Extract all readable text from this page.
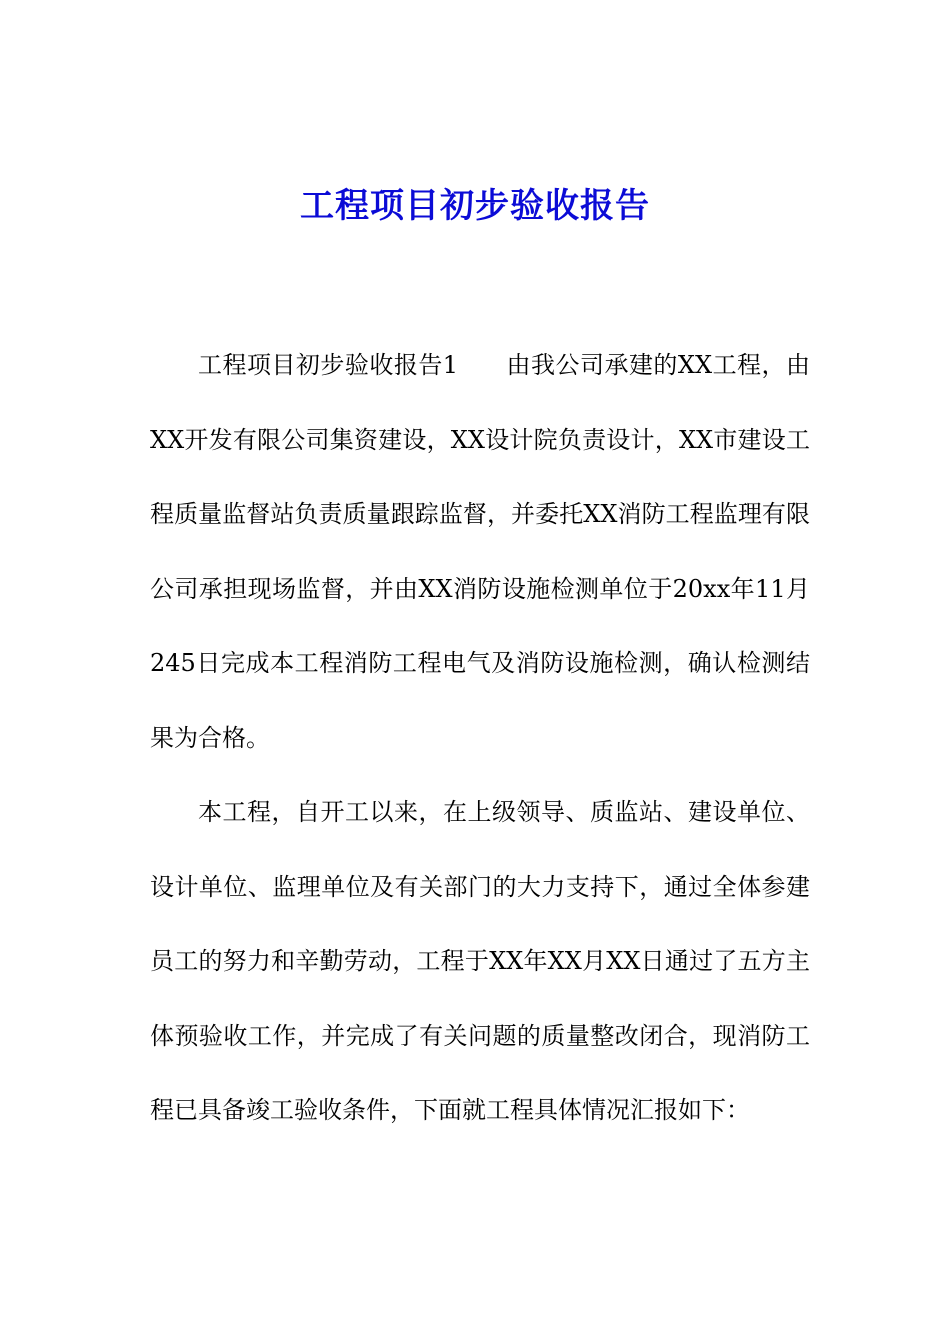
工程项目初步验收报告

工程项目初步验收报告1 由我公司承建的XX工程，由XX开发有限公司集资建设，XX设计院负责设计，XX市建设工程质量监督站负责质量跟踪监督，并委托XX消防工程监理有限公司承担现场监督，并由XX消防设施检测单位于20xx年11月245日完成本工程消防工程电气及消防设施检测，确认检测结果为合格。

本工程，自开工以来，在上级领导、质监站、建设单位、设计单位、监理单位及有关部门的大力支持下，通过全体参建员工的努力和辛勤劳动，工程于XX年XX月XX日通过了五方主体预验收工作，并完成了有关问题的质量整改闭合，现消防工程已具备竣工验收条件，下面就工程具体情况汇报如下：
